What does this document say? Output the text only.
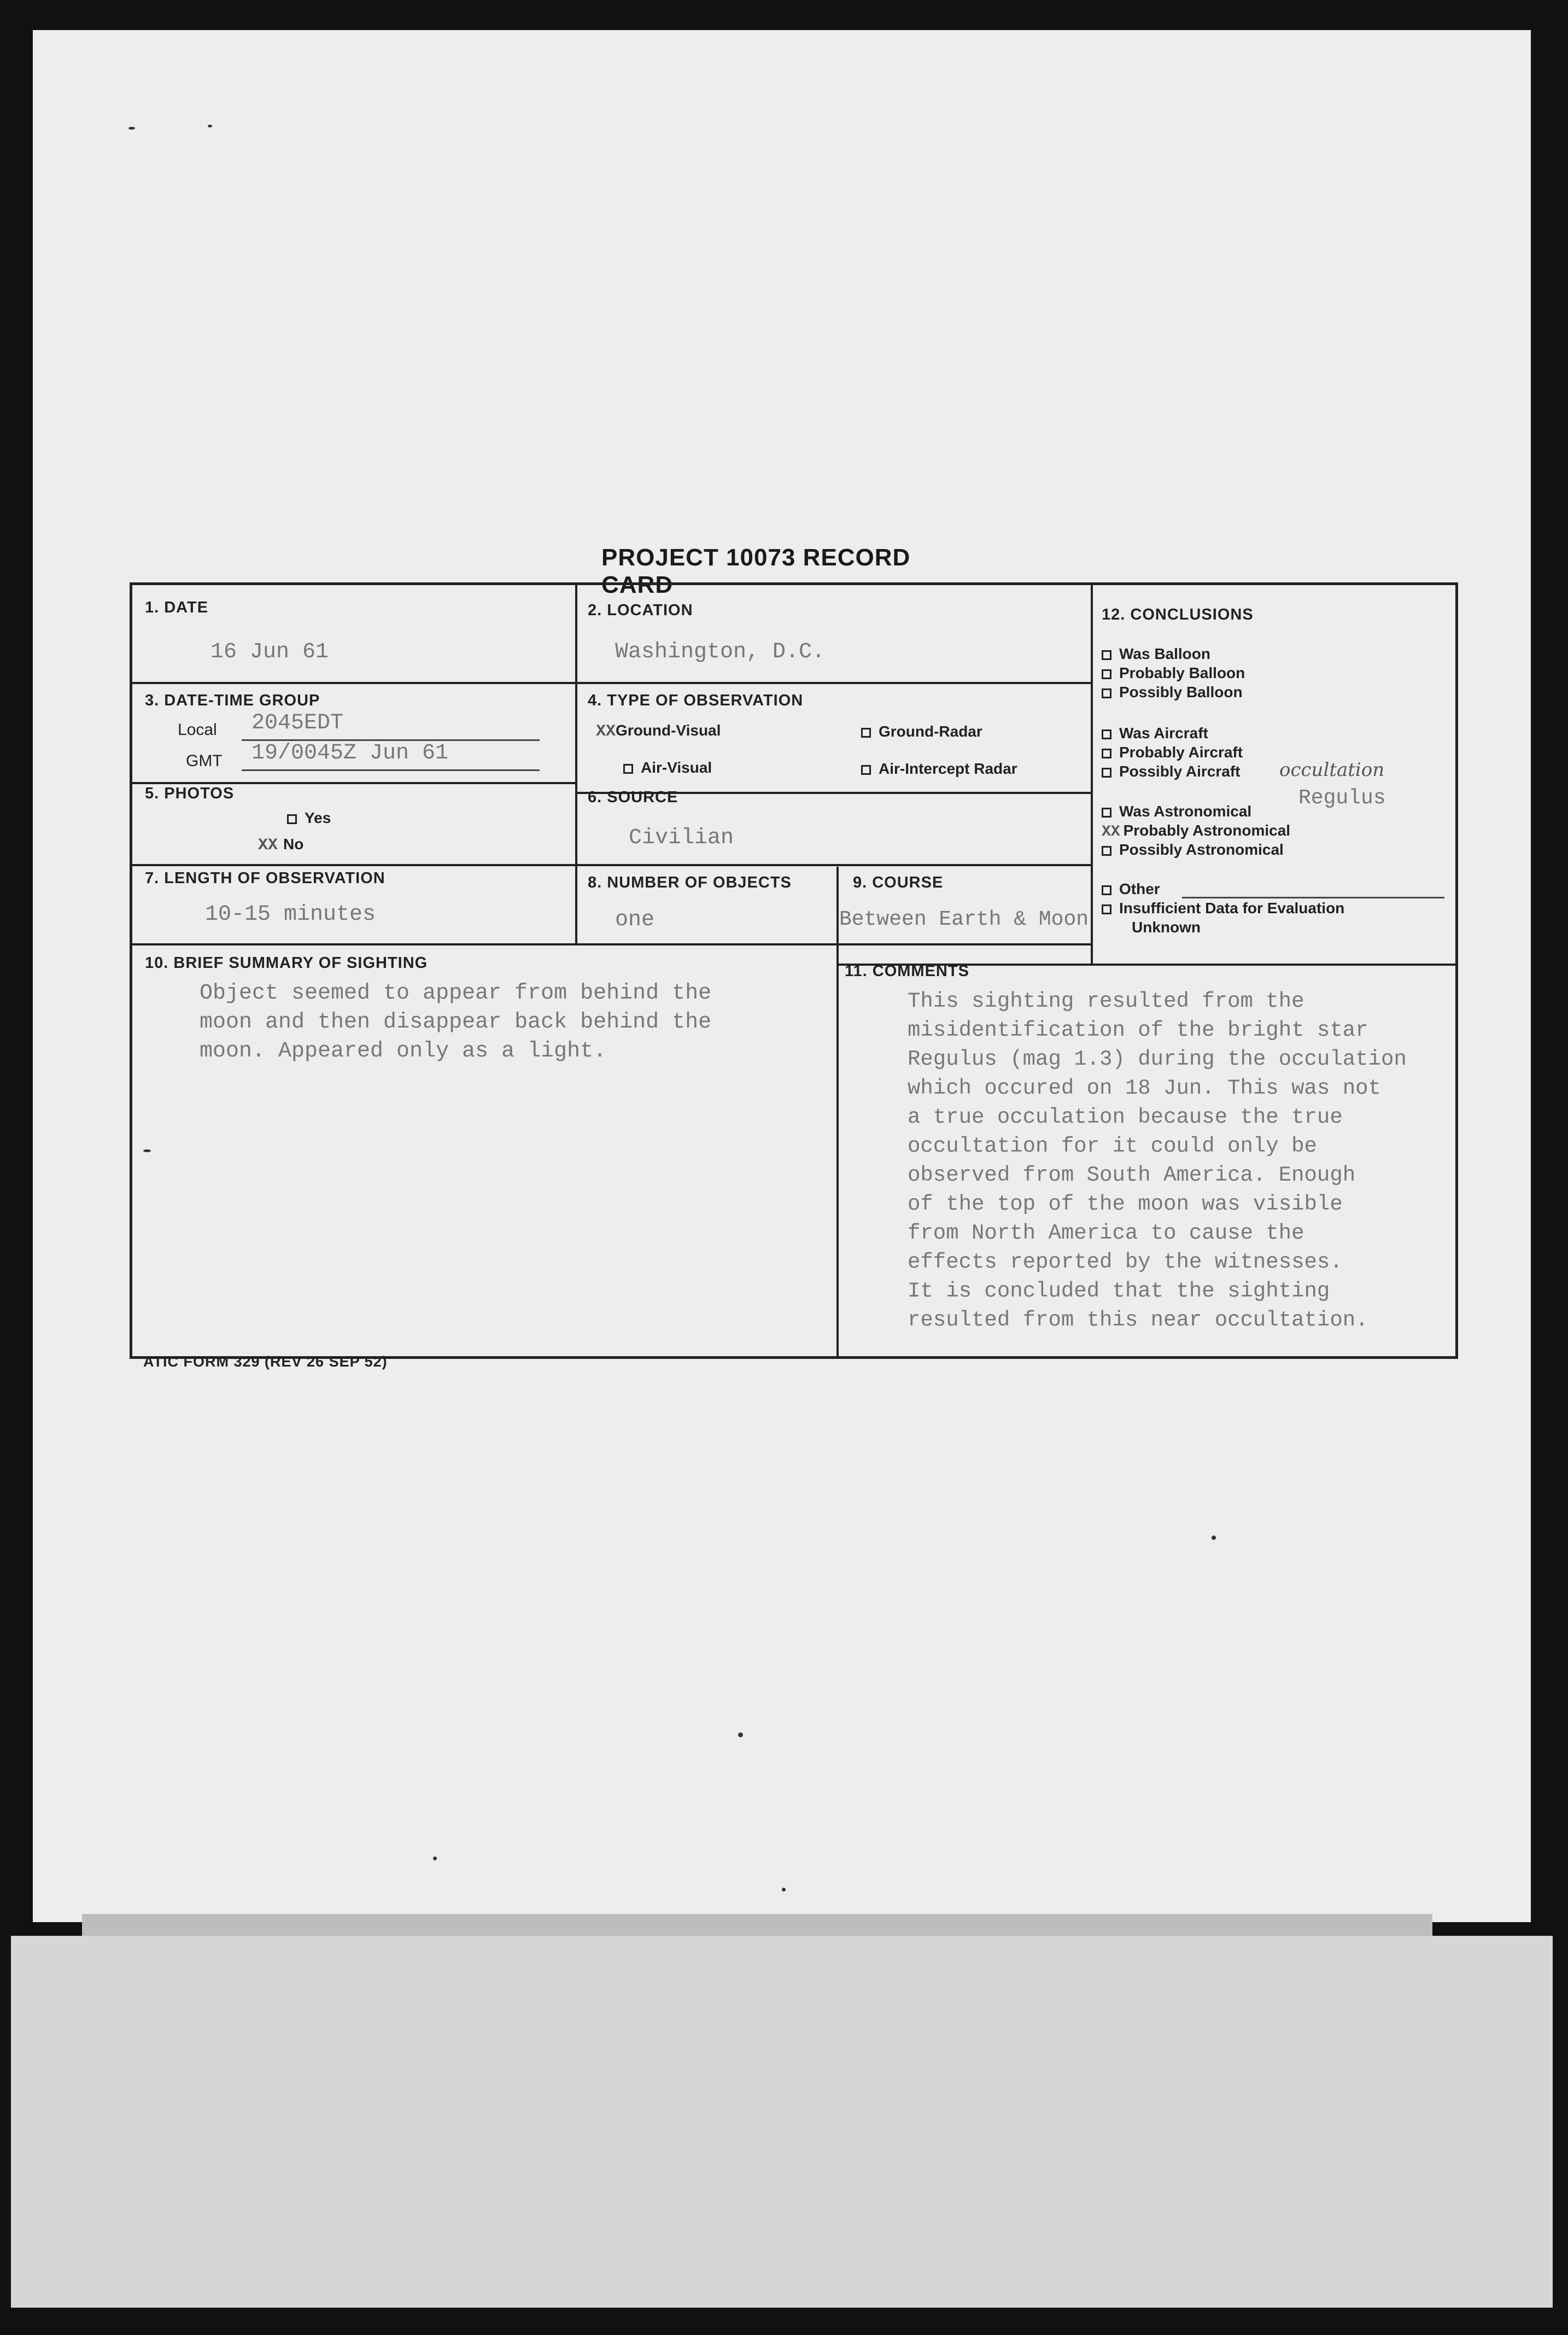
PROJECT 10073 RECORD CARD
1. DATE
16 Jun 61
2. LOCATION
Washington, D.C.
3. DATE-TIME GROUP
Local 2045EDT
GMT 19/0045Z Jun 61
4. TYPE OF OBSERVATION
XXGround-Visual	Ground-Radar
Air-Visual	Air-Intercept Radar
5. PHOTOS
Yes
XX No
6. SOURCE
Civilian
7. LENGTH OF OBSERVATION
10-15 minutes
8. NUMBER OF OBJECTS
one
9. COURSE
Between Earth & Moon
10. BRIEF SUMMARY OF SIGHTING
Object seemed to appear from behind the
moon and then disappear back behind the
moon. Appeared only as a light.
11. COMMENTS
This sighting resulted from the
misidentification of the bright star
Regulus (mag 1.3) during the occulation
which occured on 18 Jun. This was not
a true occulation because the true
occultation for it could only be
observed from South America. Enough
of the top of the moon was visible
from North America to cause the
effects reported by the witnesses.
It is concluded that the sighting
resulted from this near occultation.
12. CONCLUSIONS
Was Balloon
Probably Balloon
Possibly Balloon
Was Aircraft
Probably Aircraft
Possibly Aircraft occultation
Was Astronomical
Regulus
XX Probably Astronomical
Possibly Astronomical
Other
Insufficient Data for Evaluation
Unknown
ATIC FORM 329 (REV 26 SEP 52)
